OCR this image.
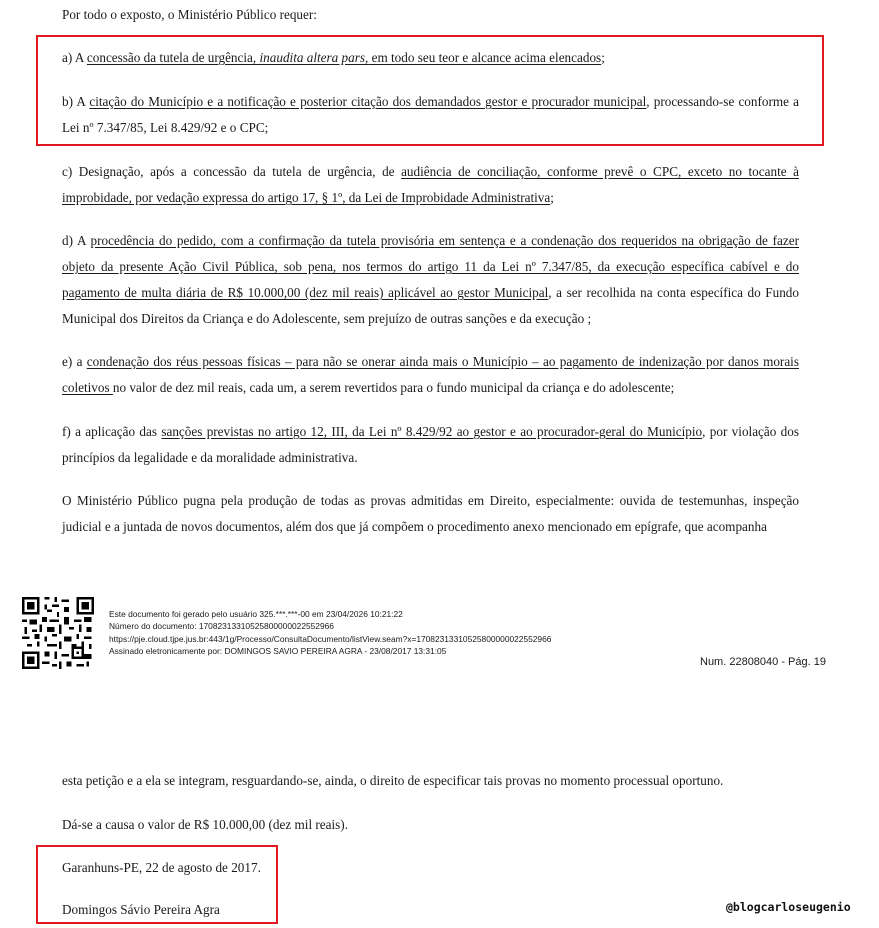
Por todo o exposto, o Ministério Público requer:

a) A concessão da tutela de urgência, inaudita altera pars, em todo seu teor e alcance acima elencados;

b) A citação do Município e a notificação e posterior citação dos demandados gestor e procurador municipal, processando-se conforme a Lei nº 7.347/85, Lei 8.429/92 e o CPC;

c) Designação, após a concessão da tutela de urgência, de audiência de conciliação, conforme prevê o CPC, exceto no tocante à improbidade, por vedação expressa do artigo 17, § 1º, da Lei de Improbidade Administrativa;

d) A procedência do pedido, com a confirmação da tutela provisória em sentença e a condenação dos requeridos na obrigação de fazer objeto da presente Ação Civil Pública, sob pena, nos termos do artigo 11 da Lei nº 7.347/85, da execução específica cabível e do pagamento de multa diária de R$ 10.000,00 (dez mil reais) aplicável ao gestor Municipal, a ser recolhida na conta específica do Fundo Municipal dos Direitos da Criança e do Adolescente, sem prejuízo de outras sanções e da execução ;

e) a condenação dos réus pessoas físicas – para não se onerar ainda mais o Município – ao pagamento de indenização por danos morais coletivos no valor de dez mil reais, cada um, a serem revertidos para o fundo municipal da criança e do adolescente;

f) a aplicação das sanções previstas no artigo 12, III, da Lei nº 8.429/92 ao gestor e ao procurador-geral do Município, por violação dos princípios da legalidade e da moralidade administrativa.

O Ministério Público pugna pela produção de todas as provas admitidas em Direito, especialmente: ouvida de testemunhas, inspeção judicial e a juntada de novos documentos, além dos que já compõem o procedimento anexo mencionado em epígrafe, que acompanha

Este documento foi gerado pelo usuário 325.***.***-00 em 23/04/2026 10:21:22
Número do documento: 17082313310525800000022552966
https://pje.cloud.tjpe.jus.br:443/1g/Processo/ConsultaDocumento/listView.seam?x=17082313310525800000022552966
Assinado eletronicamente por: DOMINGOS SAVIO PEREIRA AGRA - 23/08/2017 13:31:05
Num. 22808040 - Pág. 19

esta petição e a ela se integram, resguardando-se, ainda, o direito de especificar tais provas no momento processual oportuno.

Dá-se a causa o valor de R$ 10.000,00 (dez mil reais).

Garanhuns-PE, 22 de agosto de 2017.

Domingos Sávio Pereira Agra	@blogcarloseugenio
